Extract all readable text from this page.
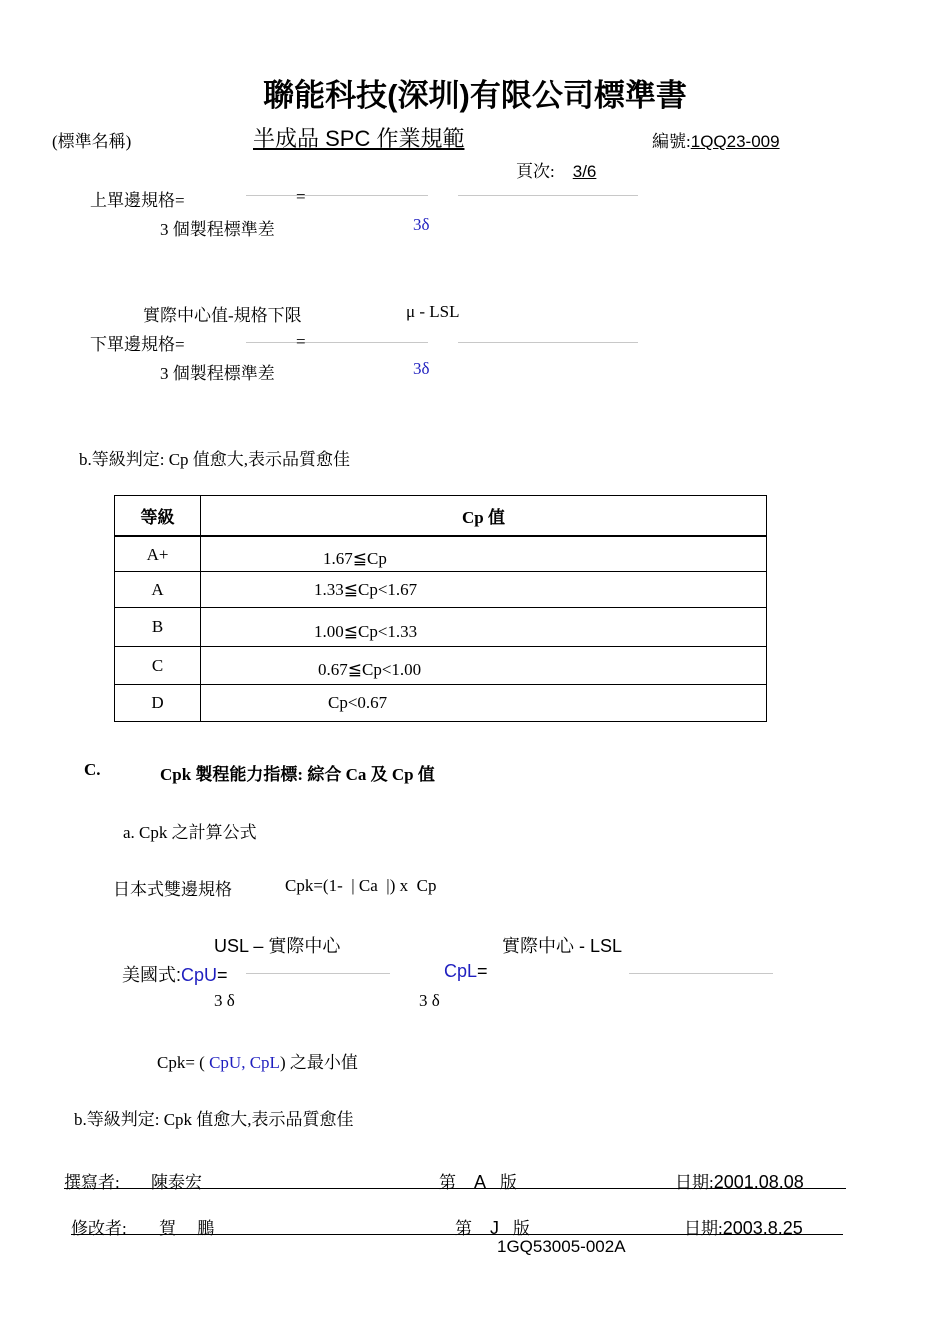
聯能科技(深圳)有限公司標準書
(標準名稱)	半成品 SPC 作業規範	編號:1QQ23-009
頁次: 3/6
上單邊規格=	=
3 個製程標準差	3δ
實際中心值-規格下限	μ - LSL
下單邊規格=	=
3 個製程標準差	3δ
b.等級判定: Cp 值愈大,表示品質愈佳
等級	Cp 值
A+	1.67≦Cp
A	1.33≦Cp<1.67
B	1.00≦Cp<1.33
C	0.67≦Cp<1.00
D	Cp<0.67
C.	Cpk 製程能力指標: 綜合 Ca 及 Cp 值
a. Cpk 之計算公式
日本式雙邊規格	Cpk=(1-  | Ca  |) x  Cp
USL – 實際中心	實際中心 - LSL
美國式:CpU=	CpL=
3 δ	3 δ
Cpk= ( CpU, CpL) 之最小值
b.等級判定: Cpk 值愈大,表示品質愈佳
撰寫者: 陳泰宏	第 A 版	日期:2001.08.08
修改者: 賀　 鵬	第 J 版	日期:2003.8.25
1GQ53005-002A
